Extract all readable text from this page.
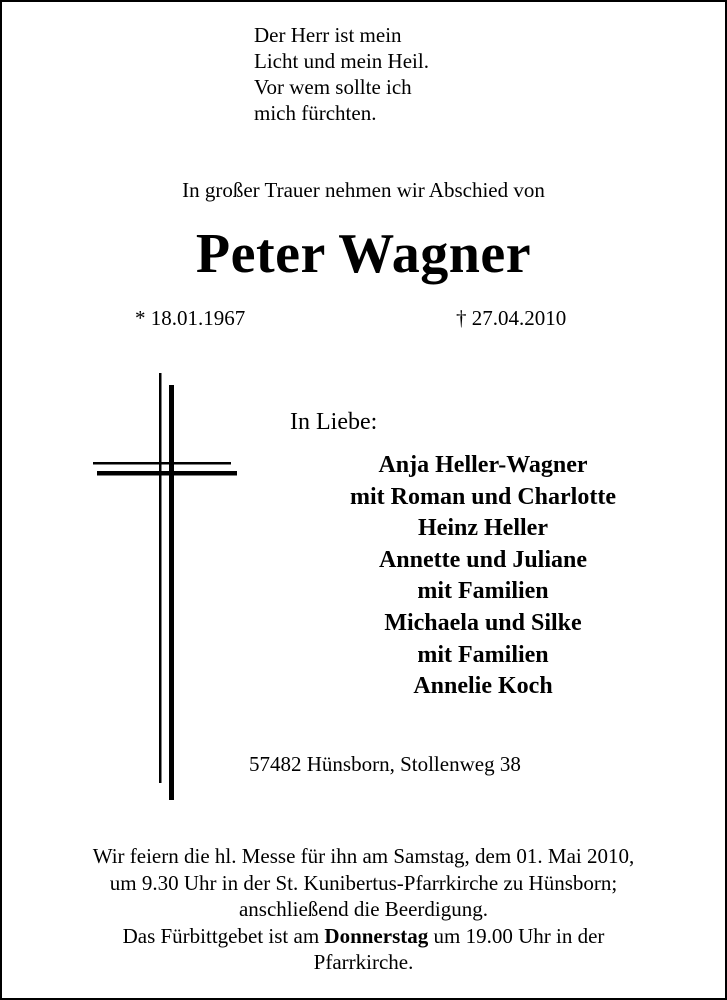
Der Herr ist mein
Licht und mein Heil.
Vor wem sollte ich
mich fürchten.
In großer Trauer nehmen wir Abschied von
Peter Wagner
* 18.01.1967	† 27.04.2010
In Liebe:
Anja Heller-Wagner
mit Roman und Charlotte
Heinz Heller
Annette und Juliane
mit Familien
Michaela und Silke
mit Familien
Annelie Koch
57482 Hünsborn, Stollenweg 38
Wir feiern die hl. Messe für ihn am Samstag, dem 01. Mai 2010,
um 9.30 Uhr in der St. Kunibertus-Pfarrkirche zu Hünsborn;
anschließend die Beerdigung.
Das Fürbittgebet ist am Donnerstag um 19.00 Uhr in der
Pfarrkirche.
